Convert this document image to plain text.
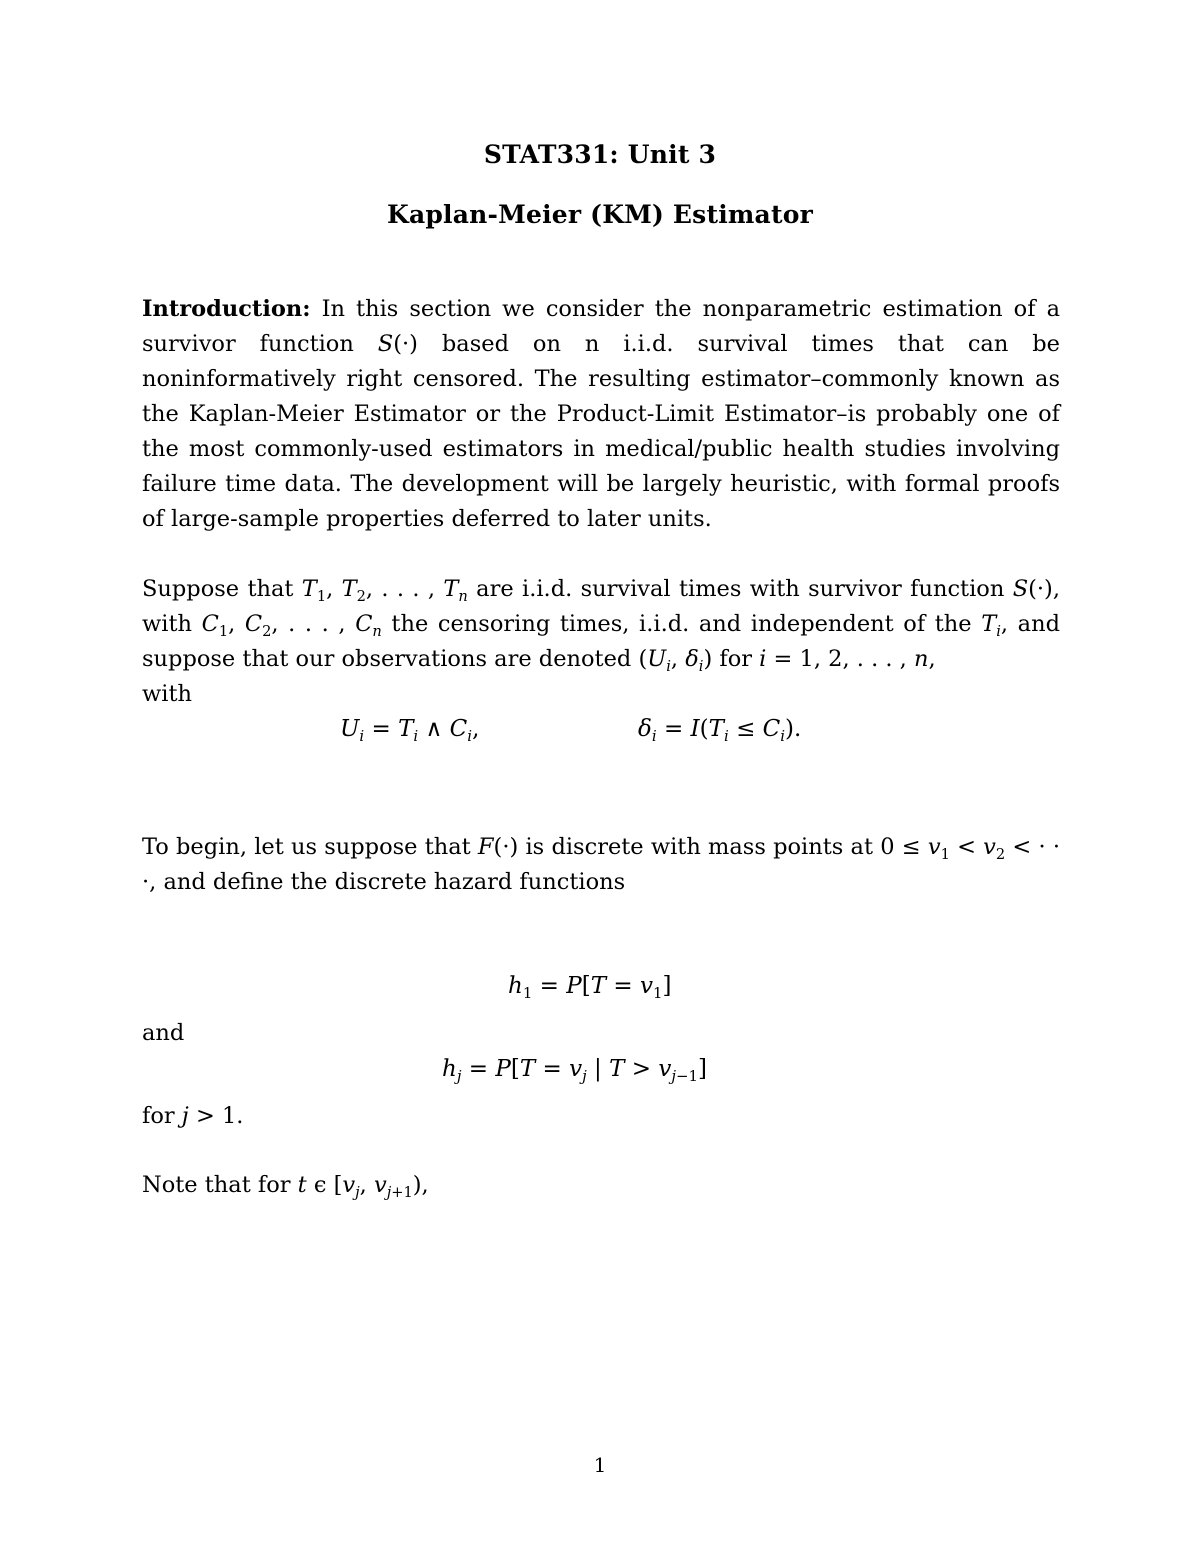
STAT331: Unit 3
Kaplan-Meier (KM) Estimator
Introduction: In this section we consider the nonparametric estimation of a survivor function S(·) based on n i.i.d. survival times that can be noninformatively right censored. The resulting estimator–commonly known as the Kaplan-Meier Estimator or the Product-Limit Estimator–is probably one of the most commonly-used estimators in medical/public health studies involving failure time data. The development will be largely heuristic, with formal proofs of large-sample properties deferred to later units.
Suppose that $T_1$, $T_2$, . . . , $T_n$ are i.i.d. survival times with survivor function S(·), with $C_1$, $C_2$, . . . , $C_n$ the censoring times, i.i.d. and independent of the $T_i$, and suppose that our observations are denoted ($U_i$, $\delta_i$) for i = 1, 2, . . . , n,
with
$U_i = T_i$ ∧ $C_i$,	$\delta_i = I(T_i \le C_i)$.
To begin, let us suppose that F(·) is discrete with mass points at $0 \le v_1 < v_2$ < · · ·, and define the discrete hazard functions
$h_1 = P[T = v_1]$
and
$h_j = P[T = v_j$ | $T > v_{j-1}$]
for j > 1.
Note that for t ϵ [$v_j$, $v_{j+1}$),
1
